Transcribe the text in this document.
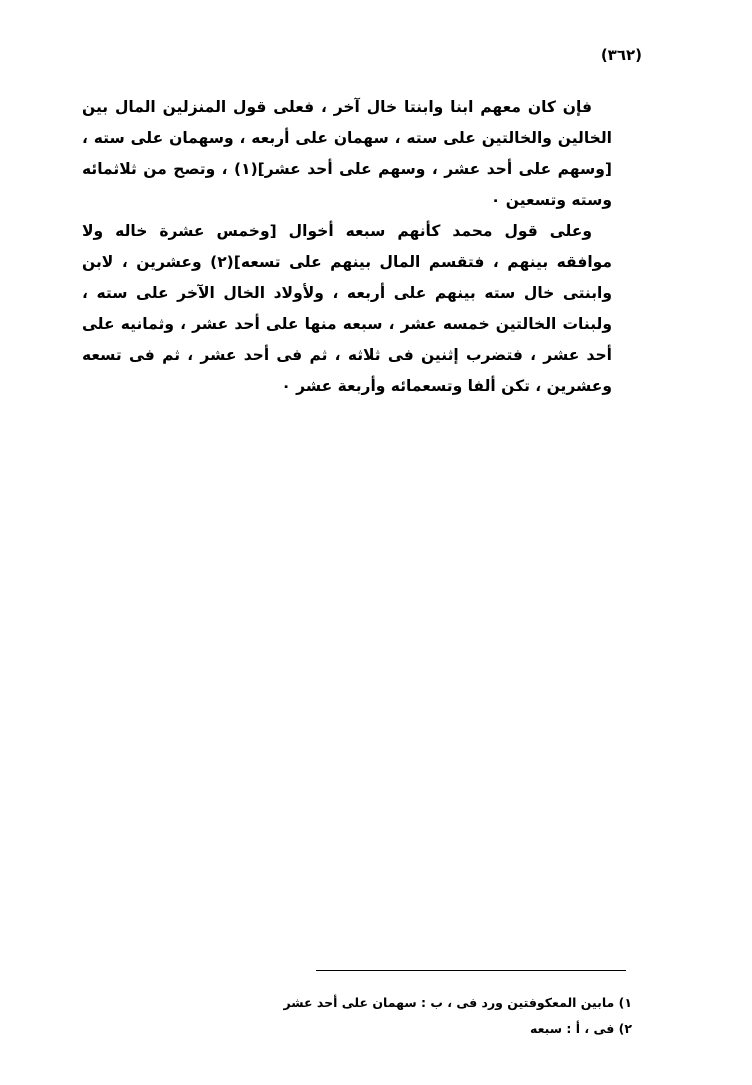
(٣٦٢)

فإن كان معهم ابنا وابنتا خال آخر ، فعلى قول المنزلين المال بين الخالين والخالتين على سته ، سهمان على أربعه ، وسهمان على سته ، [وسهم على أحد عشر ، وسهم على أحد عشر](١) ، وتصح من ثلاثمائه وسته وتسعين ٠

وعلى قول محمد كأنهم سبعه أخوال [وخمس عشرة خاله ولا موافقه بينهم ، فتقسم المال بينهم على تسعه](٢) وعشرين ، لابن وابنتى خال سته بينهم على أربعه ، ولأولاد الخال الآخر على سته ، ولبنات الخالتين خمسه عشر ، سبعه منها على أحد عشر ، وثمانيه على أحد عشر ، فتضرب إثنين فى ثلاثه ، ثم فى أحد عشر ، ثم فى تسعه وعشرين ، تكن ألفا وتسعمائه وأربعة عشر ٠

١) مابين المعكوفتين ورد فى ، ب : سهمان على أحد عشر
٢) فى ، أ : سبعه
